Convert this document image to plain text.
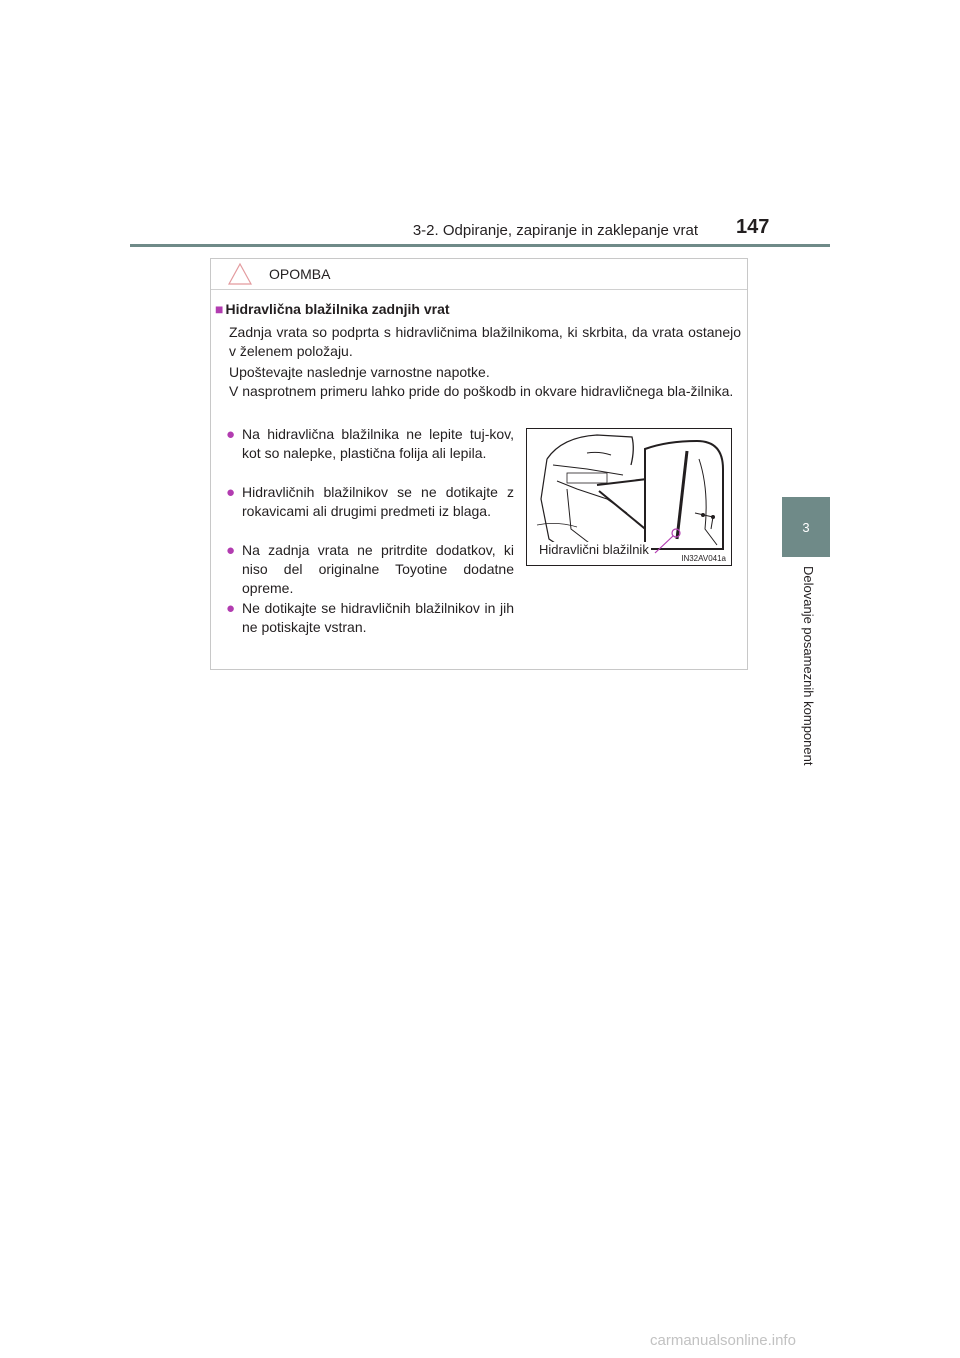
3-2. Odpiranje, zapiranje in zaklepanje vrat 147
3
Delovanje posameznih komponent
OPOMBA
■ Hidravlična blažilnika zadnjih vrat
Zadnja vrata so podprta s hidravličnima blažilnikoma, ki skrbita, da vrata ostanejo v želenem položaju.
Upoštevajte naslednje varnostne napotke.
V nasprotnem primeru lahko pride do poškodb in okvare hidravličnega bla-žilnika.
● Na hidravlična blažilnika ne lepite tuj-kov, kot so nalepke, plastična folija ali lepila.
● Hidravličnih blažilnikov se ne dotikajte z rokavicami ali drugimi predmeti iz blaga.
● Na zadnja vrata ne pritrdite dodatkov, ki niso del originalne Toyotine dodatne opreme.
● Ne dotikajte se hidravličnih blažilnikov in jih ne potiskajte vstran.
Hidravlični blažilnik
IN32AV041a
carmanualsonline.info
